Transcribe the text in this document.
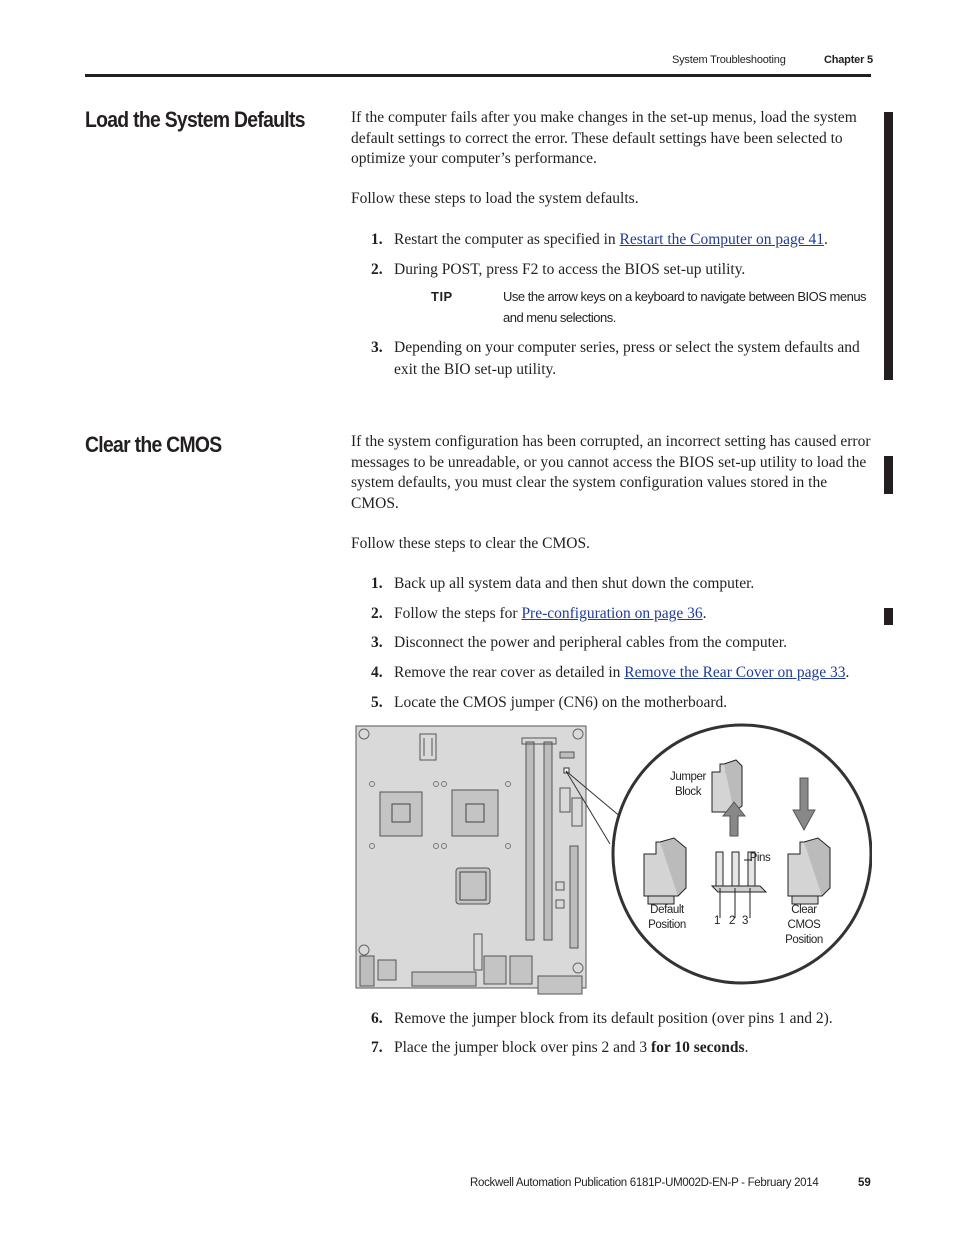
System Troubleshooting	Chapter 5
Load the System Defaults	If the computer fails after you make changes in the set-up menus, load the system default settings to correct the error. These default settings have been selected to optimize your computer’s performance.

Follow these steps to load the system defaults.

1. Restart the computer as specified in Restart the Computer on page 41.
2. During POST, press F2 to access the BIOS set-up utility.
TIP	Use the arrow keys on a keyboard to navigate between BIOS menus and menu selections.
3. Depending on your computer series, press or select the system defaults and exit the BIO set-up utility.
Clear the CMOS	If the system configuration has been corrupted, an incorrect setting has caused error messages to be unreadable, or you cannot access the BIOS set-up utility to load the system defaults, you must clear the system configuration values stored in the CMOS.

Follow these steps to clear the CMOS.

1. Back up all system data and then shut down the computer.
2. Follow the steps for Pre-configuration on page 36.
3. Disconnect the power and peripheral cables from the computer.
4. Remove the rear cover as detailed in Remove the Rear Cover on page 33.
5. Locate the CMOS jumper (CN6) on the motherboard.
Jumper Block
Pins
Default Position	1 2 3
Clear CMOS Position
6. Remove the jumper block from its default position (over pins 1 and 2).
7. Place the jumper block over pins 2 and 3 for 10 seconds.
Rockwell Automation Publication 6181P-UM002D-EN-P - February 2014	59
